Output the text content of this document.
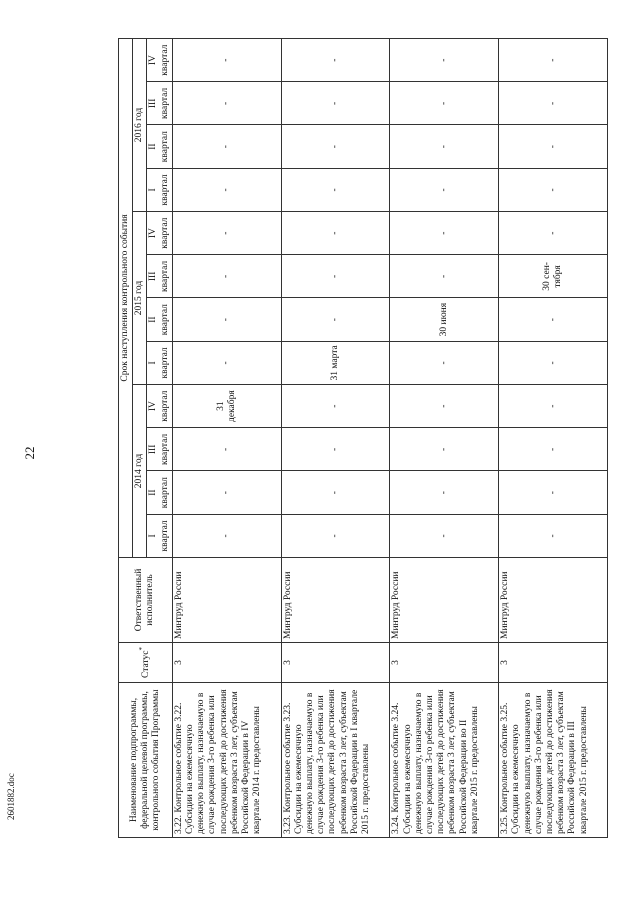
22
2601882.doc	Наименование подпрограммы, федеральной целевой программы, контрольного события Программы	Статус*	Ответственный исполнитель	Срок наступления контрольного события											
			2014 год				2015 год				2016 год			
			I квартал	II квартал	III квартал	IV квартал	I квартал	II квартал	III квартал	IV квартал	I квартал	II квартал	III квартал	IV квартал
3.22. Контрольное событие 3.22. Субсидии на ежемесячную денежную выплату, назначаемую в случае рождения 3-го ребенка или последующих детей до достижения ребенком возраста 3 лет, субъектам Российской Федерации в IV квартале 2014 г. предоставлены	3	Минтруд России	-	-	-	31 декабря	-	-	-	-	-	-	-	-
3.23. Контрольное событие 3.23. Субсидии на ежемесячную денежную выплату, назначаемую в случае рождения 3-го ребенка или последующих детей до достижения ребенком возраста 3 лет, субъектам Российской Федерации в I квартале 2015 г. предоставлены	3	Минтруд России	-	-	-	-	31 марта	-	-	-	-	-	-	-
3.24. Контрольное событие 3.24. Субсидии на ежемесячную денежную выплату, назначаемую в случае рождения 3-го ребенка или последующих детей до достижения ребенком возраста 3 лет, субъектам Российской Федерации во II квартале 2015 г. предоставлены	3	Минтруд России	-	-	-	-	-	30 июня	-	-	-	-	-	-
3.25. Контрольное событие 3.25. Субсидии на ежемесячную денежную выплату, назначаемую в случае рождения 3-го ребенка или последующих детей до достижения ребенком возраста 3 лет, субъектам Российской Федерации в III квартале 2015 г. предоставлены	3	Минтруд России	-	-	-	-	-	-	30 сен-тября	-	-	-	-	-
